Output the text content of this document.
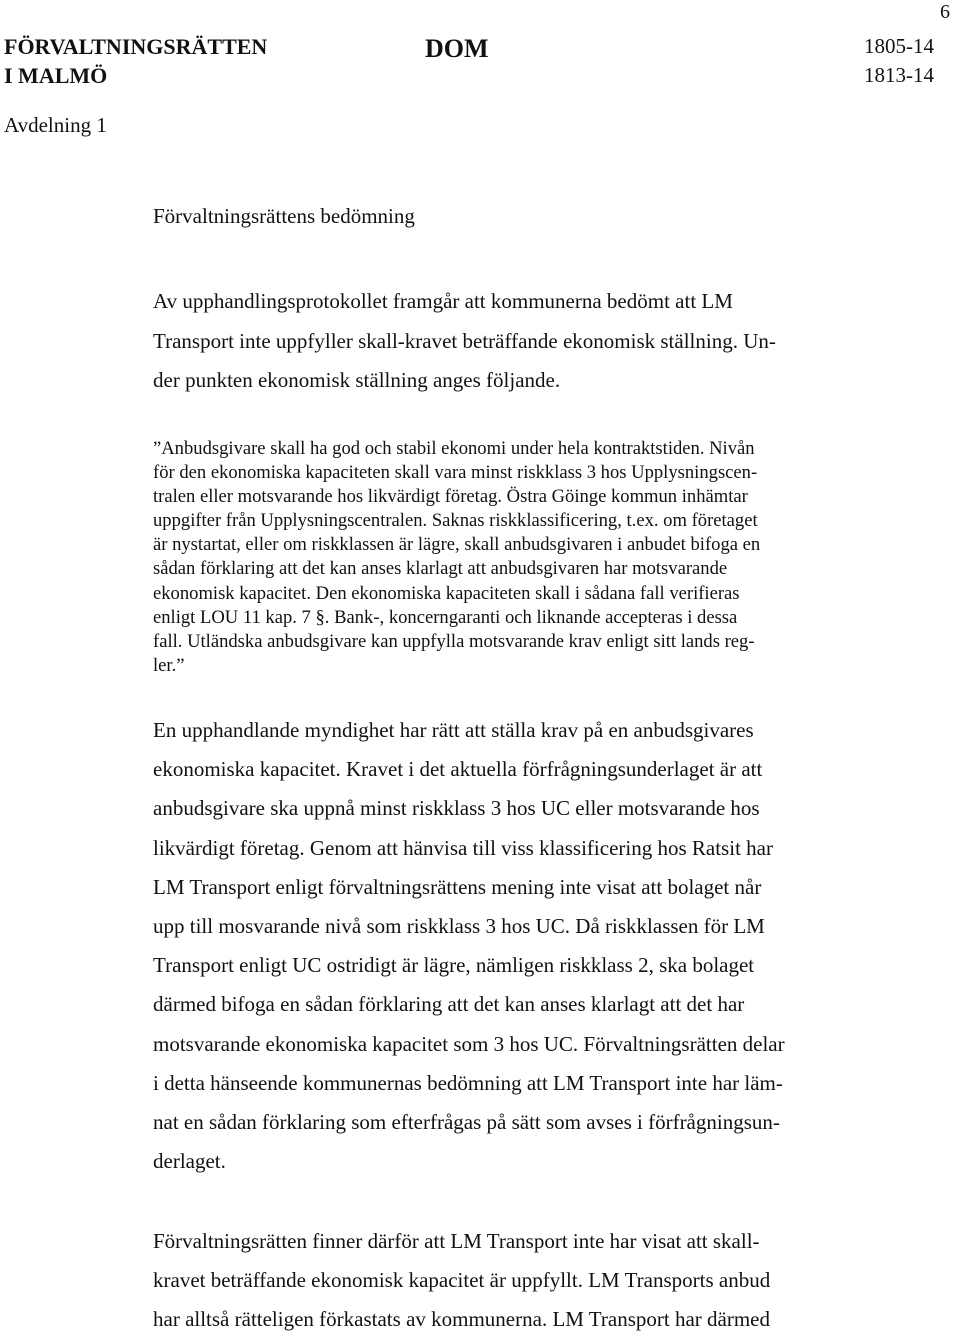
FÖRVALTNINGSRÄTTEN
I MALMÖ
DOM	1805-14
1813-14
6
Avdelning 1
Förvaltningsrättens bedömning
Av upphandlingsprotokollet framgår att kommunerna bedömt att LM
Transport inte uppfyller skall-kravet beträffande ekonomisk ställning. Un-
der punkten ekonomisk ställning anges följande.
”Anbudsgivare skall ha god och stabil ekonomi under hela kontraktstiden. Nivån
för den ekonomiska kapaciteten skall vara minst riskklass 3 hos Upplysningscen-
tralen eller motsvarande hos likvärdigt företag. Östra Göinge kommun inhämtar
uppgifter från Upplysningscentralen. Saknas riskklassificering, t.ex. om företaget
är nystartat, eller om riskklassen är lägre, skall anbudsgivaren i anbudet bifoga en
sådan förklaring att det kan anses klarlagt att anbudsgivaren har motsvarande
ekonomisk kapacitet. Den ekonomiska kapaciteten skall i sådana fall verifieras
enligt LOU 11 kap. 7 §. Bank-, koncerngaranti och liknande accepteras i dessa
fall. Utländska anbudsgivare kan uppfylla motsvarande krav enligt sitt lands reg-
ler.”
En upphandlande myndighet har rätt att ställa krav på en anbudsgivares
ekonomiska kapacitet. Kravet i det aktuella förfrågningsunderlaget är att
anbudsgivare ska uppnå minst riskklass 3 hos UC eller motsvarande hos
likvärdigt företag. Genom att hänvisa till viss klassificering hos Ratsit har
LM Transport enligt förvaltningsrättens mening inte visat att bolaget når
upp till mosvarande nivå som riskklass 3 hos UC. Då riskklassen för LM
Transport enligt UC ostridigt är lägre, nämligen riskklass 2, ska bolaget
därmed bifoga en sådan förklaring att det kan anses klarlagt att det har
motsvarande ekonomiska kapacitet som 3 hos UC. Förvaltningsrätten delar
i detta hänseende kommunernas bedömning att LM Transport inte har läm-
nat en sådan förklaring som efterfrågas på sätt som avses i förfrågningsun-
derlaget.
Förvaltningsrätten finner därför att LM Transport inte har visat att skall-
kravet beträffande ekonomisk kapacitet är uppfyllt. LM Transports anbud
har alltså rätteligen förkastats av kommunerna. LM Transport har därmed
